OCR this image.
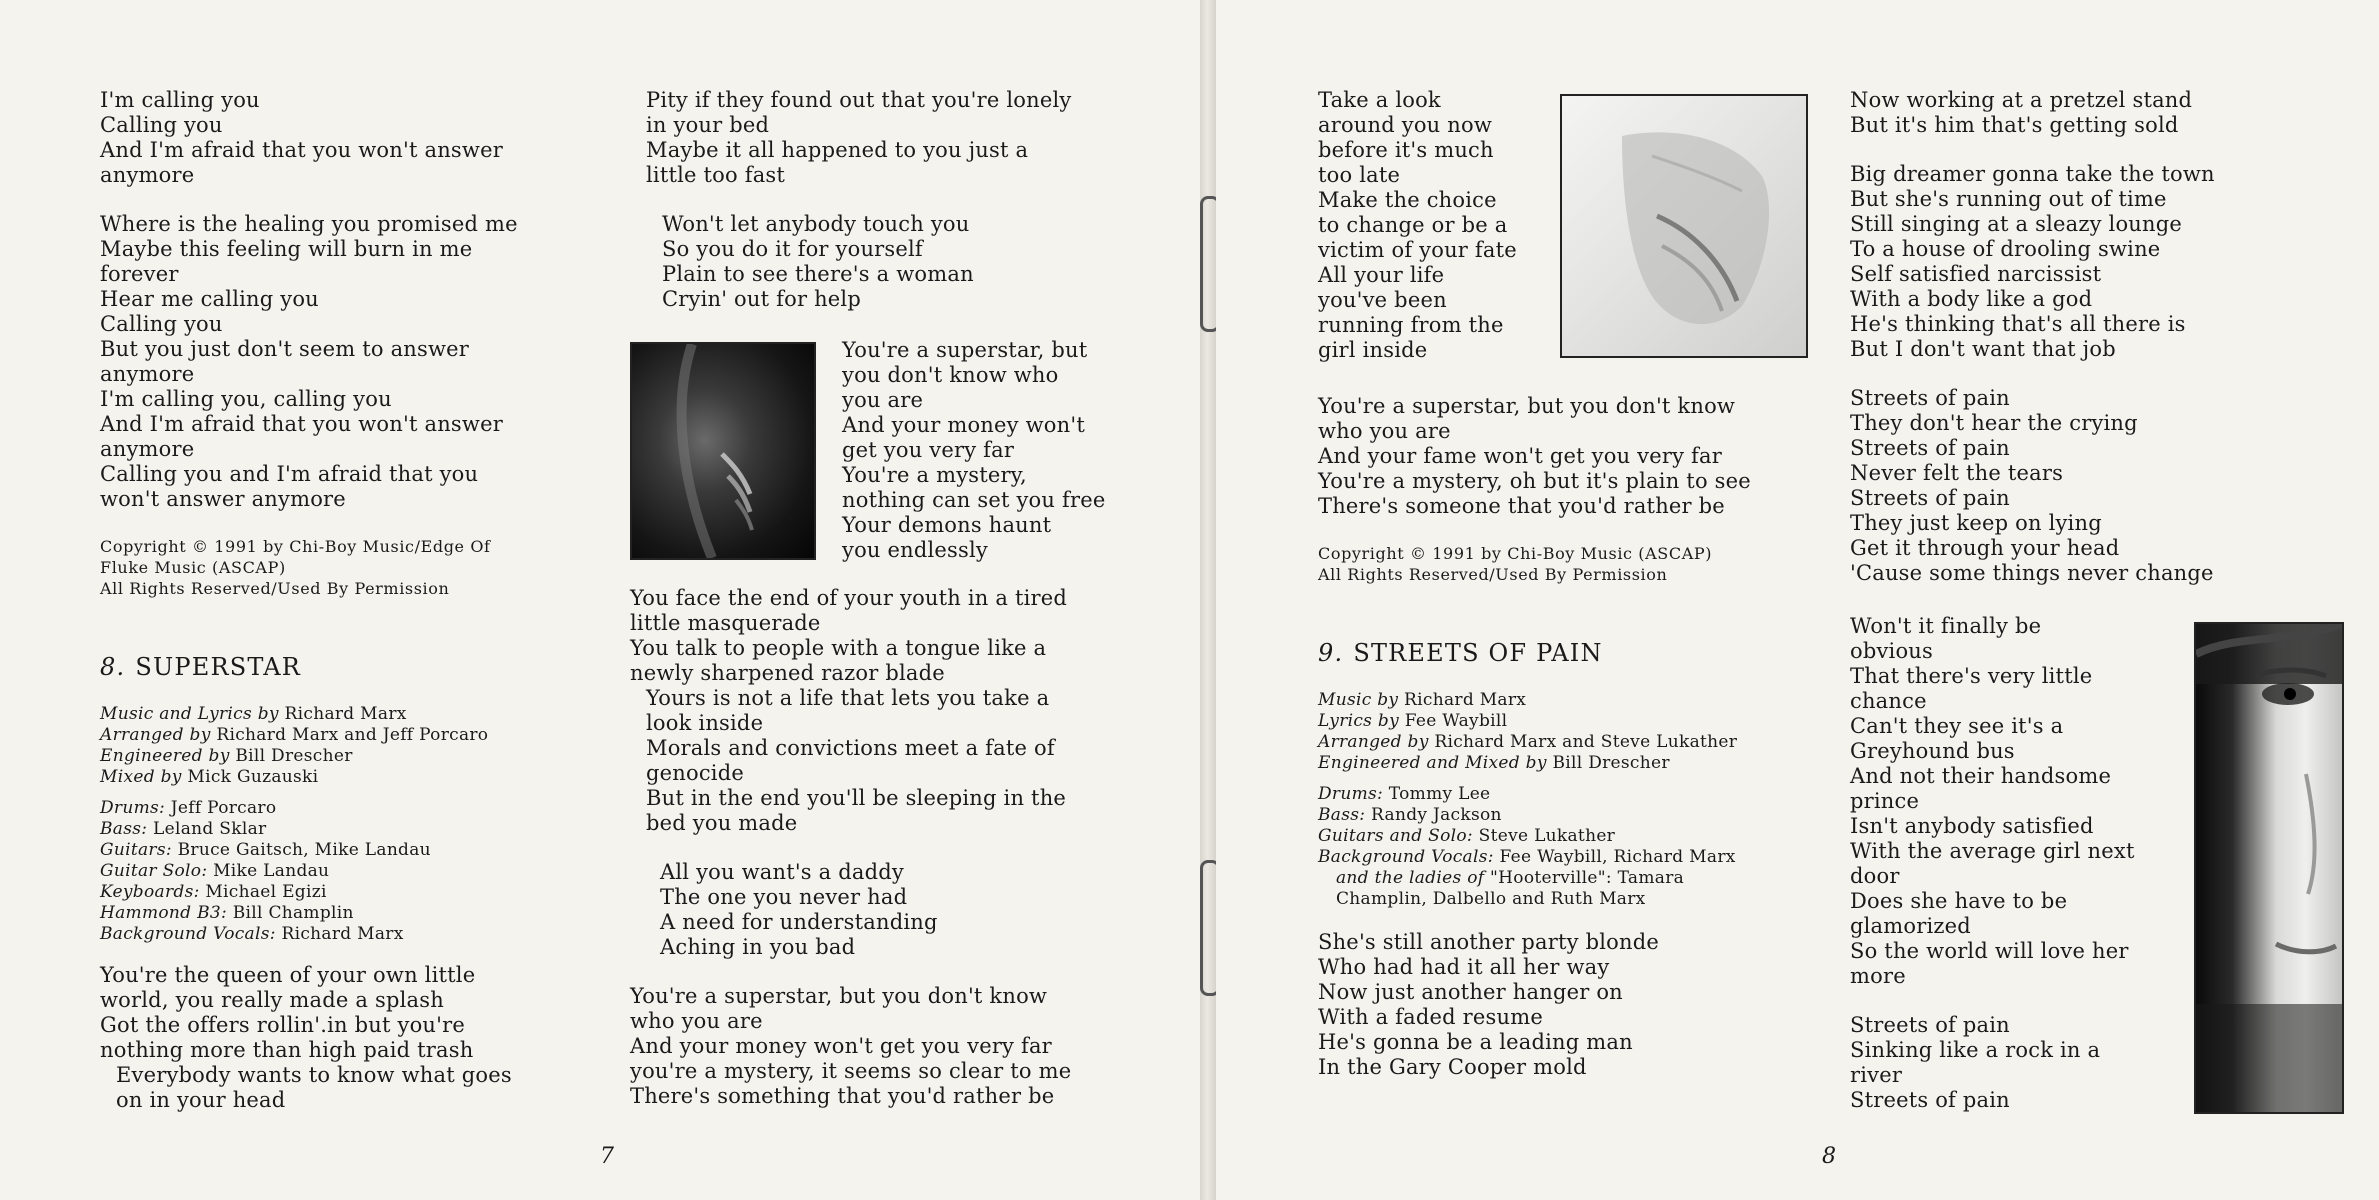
I'm calling you
Calling you
And I'm afraid that you won't answer
anymore

Where is the healing you promised me
Maybe this feeling will burn in me
forever
Hear me calling you
Calling you
But you just don't seem to answer
anymore
I'm calling you, calling you
And I'm afraid that you won't answer
anymore
Calling you and I'm afraid that you
won't answer anymore

Copyright © 1991 by Chi-Boy Music/Edge Of
Fluke Music (ASCAP)
All Rights Reserved/Used By Permission

8. SUPERSTAR
Music and Lyrics by Richard Marx
Arranged by Richard Marx and Jeff Porcaro
Engineered by Bill Drescher
Mixed by Mick Guzauski
Drums: Jeff Porcaro
Bass: Leland Sklar
Guitars: Bruce Gaitsch, Mike Landau
Guitar Solo: Mike Landau
Keyboards: Michael Egizi
Hammond B3: Bill Champlin
Background Vocals: Richard Marx

You're the queen of your own little
world, you really made a splash
Got the offers rollin'.in but you're
nothing more than high paid trash

Everybody wants to know what goes
on in your head

Pity if they found out that you're lonely
in your bed
Maybe it all happened to you just a
little too fast

Won't let anybody touch you
So you do it for yourself
Plain to see there's a woman
Cryin' out for help

You're a superstar, but
you don't know who
you are
And your money won't
get you very far
You're a mystery,
nothing can set you free
Your demons haunt
you endlessly

You face the end of your youth in a tired
little masquerade
You talk to people with a tongue like a
newly sharpened razor blade

Yours is not a life that lets you take a
look inside
Morals and convictions meet a fate of
genocide
But in the end you'll be sleeping in the
bed you made

All you want's a daddy
The one you never had
A need for understanding
Aching in you bad

You're a superstar, but you don't know
who you are
And your money won't get you very far
you're a mystery, it seems so clear to me
There's something that you'd rather be

7

Take a look
around you now
before it's much
too late
Make the choice
to change or be a
victim of your fate
All your life
you've been
running from the
girl inside

You're a superstar, but you don't know
who you are
And your fame won't get you very far
You're a mystery, oh but it's plain to see
There's someone that you'd rather be

Copyright © 1991 by Chi-Boy Music (ASCAP)
All Rights Reserved/Used By Permission

9. STREETS OF PAIN
Music by Richard Marx
Lyrics by Fee Waybill
Arranged by Richard Marx and Steve Lukather
Engineered and Mixed by Bill Drescher
Drums: Tommy Lee
Bass: Randy Jackson
Guitars and Solo: Steve Lukather
Background Vocals: Fee Waybill, Richard Marx
and the ladies of "Hooterville": Tamara
Champlin, Dalbello and Ruth Marx

She's still another party blonde
Who had had it all her way
Now just another hanger on
With a faded resume
He's gonna be a leading man
In the Gary Cooper mold

Now working at a pretzel stand
But it's him that's getting sold

Big dreamer gonna take the town
But she's running out of time
Still singing at a sleazy lounge
To a house of drooling swine
Self satisfied narcissist
With a body like a god
He's thinking that's all there is
But I don't want that job

Streets of pain
They don't hear the crying
Streets of pain
Never felt the tears
Streets of pain
They just keep on lying
Get it through your head
'Cause some things never change

Won't it finally be
obvious
That there's very little
chance
Can't they see it's a
Greyhound bus
And not their handsome
prince
Isn't anybody satisfied
With the average girl next
door
Does she have to be
glamorized
So the world will love her
more

Streets of pain
Sinking like a rock in a
river
Streets of pain

8
